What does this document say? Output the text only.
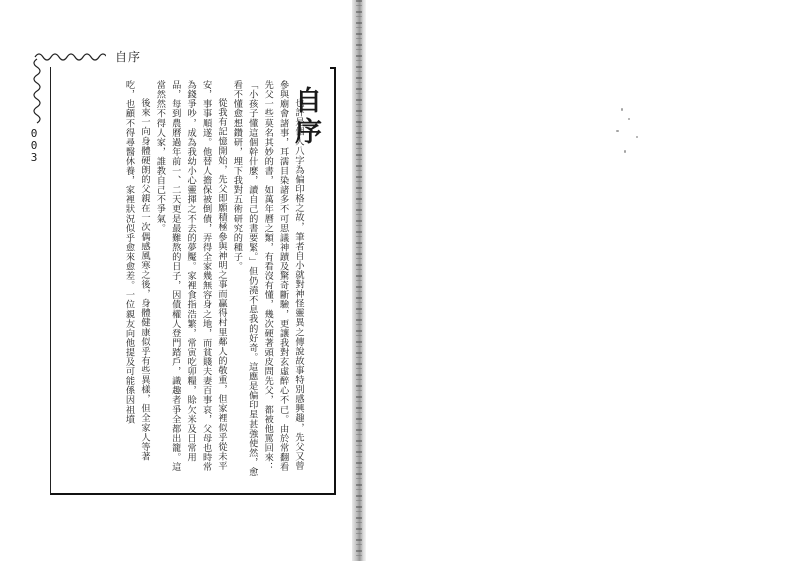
自序
003
自序

也許是個人八字為偏印格之故，筆者自小就對神怪靈異之傳說故事特別感興趣，先父又曾參與廟會諸事，耳濡目染諸多不可思議神蹟及驚奇斷驗，更讓我對玄虛醉心不已。由於常翻看先父一些莫名其妙的書，如萬年曆之類，有看沒有懂，幾次硬著頭皮問先父，都被他罵回來：「小孩子懂這個幹什麼，讀自己的書要緊。」但仍澆不息我的好奇。這應是偏印星甚強使然，愈看不懂愈想鑽研，埋下我對五術研究的種子。

從我有記憶開始，先父即願積極參與神明之事而贏得村里鄰人的敬重，但家裡似乎從未平安，事事順遂。他替人擔保被倒債，弄得全家幾無容身之地，而貧賤夫妻百事哀，父母也時常為錢爭吵，成為我幼小心靈揮之不去的夢魘。家裡食指浩繁，常寅吃卯糧，賒欠米及日常用品，每到農曆過年前一、二天更是最難熬的日子，因債權人登門踏戶，識趣者爭全都出籠。這當然然不得人家，誰教自己不爭氣。

後來一向身體硬朗的父親在一次偶感風寒之後，身體健康似乎有些異樣，但全家人等著吃，也顧不得尋醫休養，家裡狀況似乎愈來愈差。一位親友向他提及可能係因祖墳
